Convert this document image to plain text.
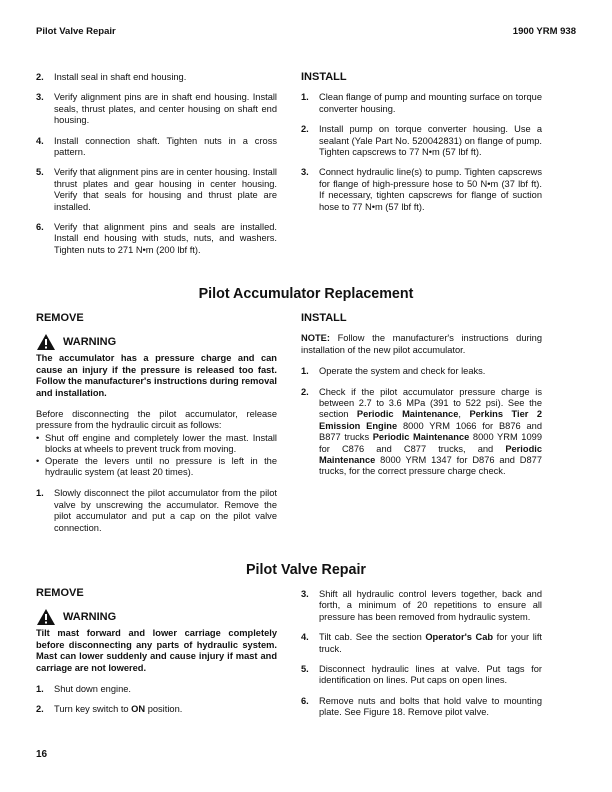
Pilot Valve Repair	1900 YRM 938
2. Install seal in shaft end housing.
3. Verify alignment pins are in shaft end housing. Install seals, thrust plates, and center housing on shaft end housing.
4. Install connection shaft. Tighten nuts in a cross pattern.
5. Verify that alignment pins are in center housing. Install thrust plates and gear housing in center housing. Verify that seals for housing and thrust plate are installed.
6. Verify that alignment pins and seals are installed. Install end housing with studs, nuts, and washers. Tighten nuts to 271 N•m (200 lbf ft).
INSTALL
1. Clean flange of pump and mounting surface on torque converter housing.
2. Install pump on torque converter housing. Use a sealant (Yale Part No. 520042831) on flange of pump. Tighten capscrews to 77 N•m (57 lbf ft).
3. Connect hydraulic line(s) to pump. Tighten capscrews for flange of high-pressure hose to 50 N•m (37 lbf ft). If necessary, tighten capscrews for flange of suction hose to 77 N•m (57 lbf ft).
Pilot Accumulator Replacement
REMOVE
WARNING
The accumulator has a pressure charge and can cause an injury if the pressure is released too fast. Follow the manufacturer's instructions during removal and installation.
Before disconnecting the pilot accumulator, release pressure from the hydraulic circuit as follows:
• Shut off engine and completely lower the mast. Install blocks at wheels to prevent truck from moving.
• Operate the levers until no pressure is left in the hydraulic system (at least 20 times).
1. Slowly disconnect the pilot accumulator from the pilot valve by unscrewing the accumulator. Remove the pilot accumulator and put a cap on the pilot valve connection.
INSTALL
NOTE: Follow the manufacturer's instructions during installation of the new pilot accumulator.
1. Operate the system and check for leaks.
2. Check if the pilot accumulator pressure charge is between 2.7 to 3.6 MPa (391 to 522 psi). See the section Periodic Maintenance, Perkins Tier 2 Emission Engine 8000 YRM 1066 for B876 and B877 trucks Periodic Maintenance 8000 YRM 1099 for C876 and C877 trucks, and Periodic Maintenance 8000 YRM 1347 for D876 and D877 trucks, for the correct pressure charge check.
Pilot Valve Repair
REMOVE
WARNING
Tilt mast forward and lower carriage completely before disconnecting any parts of hydraulic system. Mast can lower suddenly and cause injury if mast and carriage are not lowered.
1. Shut down engine.
2. Turn key switch to ON position.
3. Shift all hydraulic control levers together, back and forth, a minimum of 20 repetitions to ensure all pressure has been removed from hydraulic system.
4. Tilt cab. See the section Operator's Cab for your lift truck.
5. Disconnect hydraulic lines at valve. Put tags for identification on lines. Put caps on open lines.
6. Remove nuts and bolts that hold valve to mounting plate. See Figure 18. Remove pilot valve.
16
